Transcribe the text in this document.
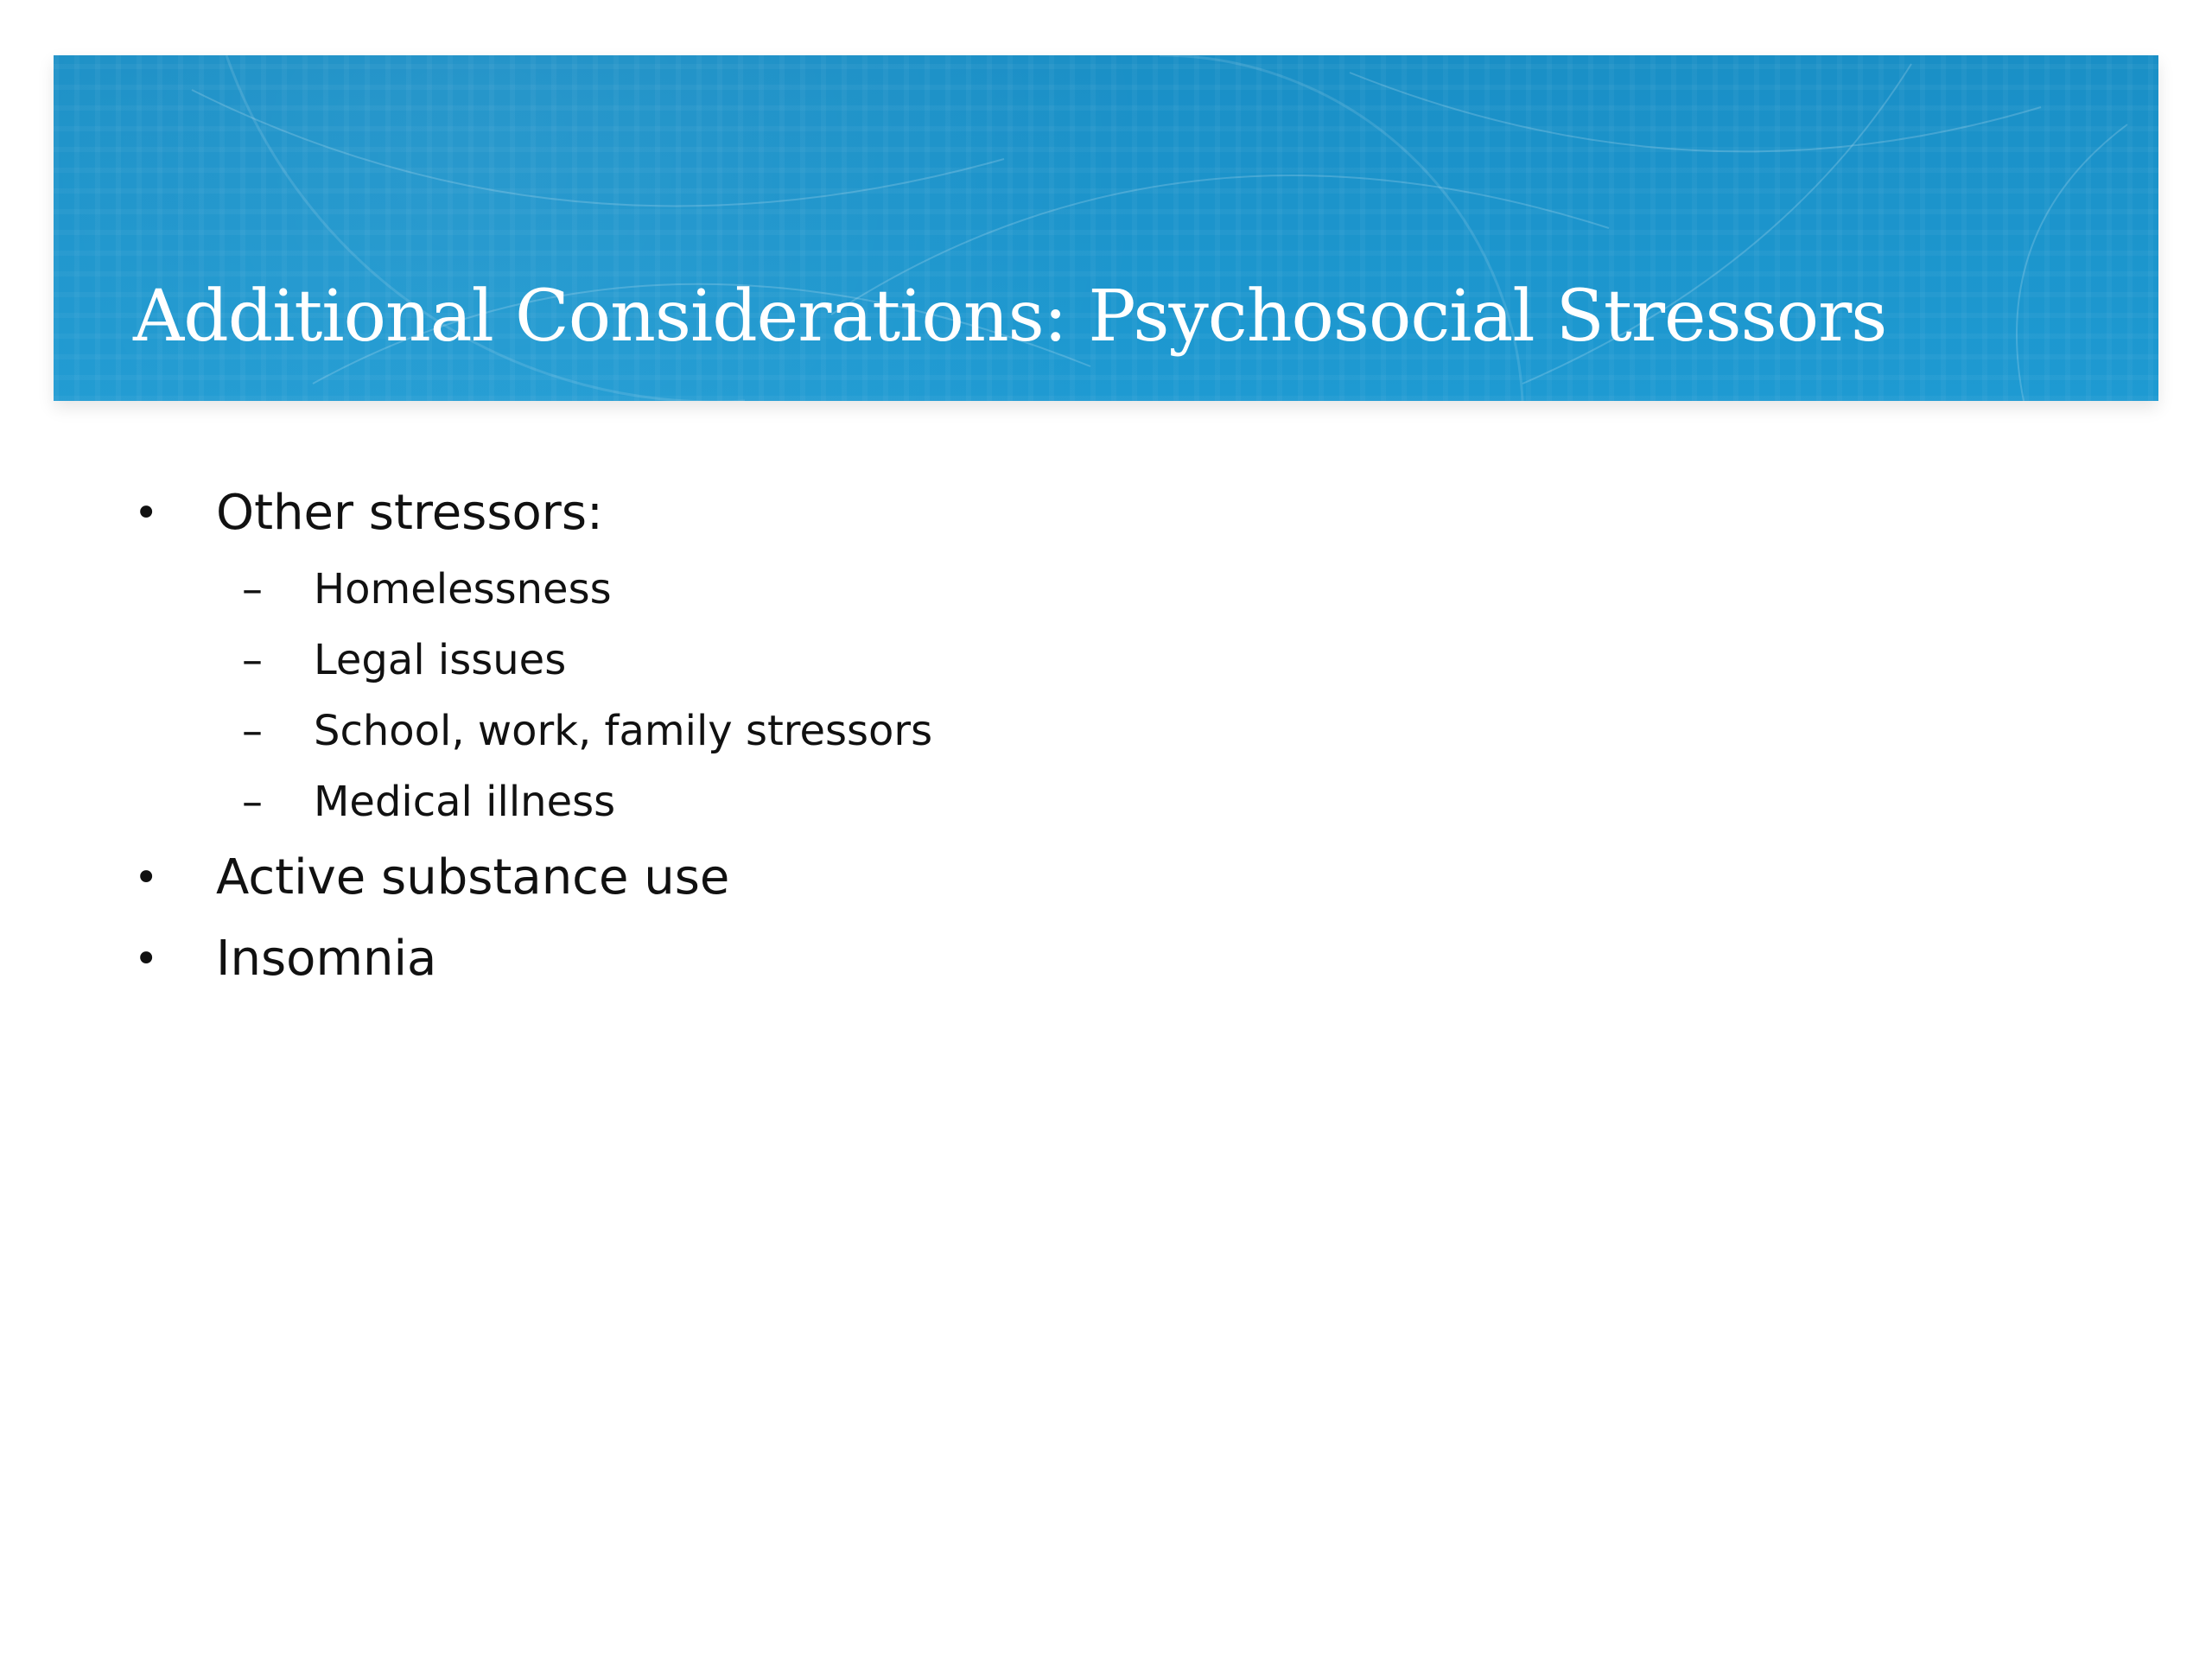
Additional Considerations: Psychosocial Stressors
• Other stressors:
– Homelessness
– Legal issues
– School, work, family stressors
– Medical illness
• Active substance use
• Insomnia
